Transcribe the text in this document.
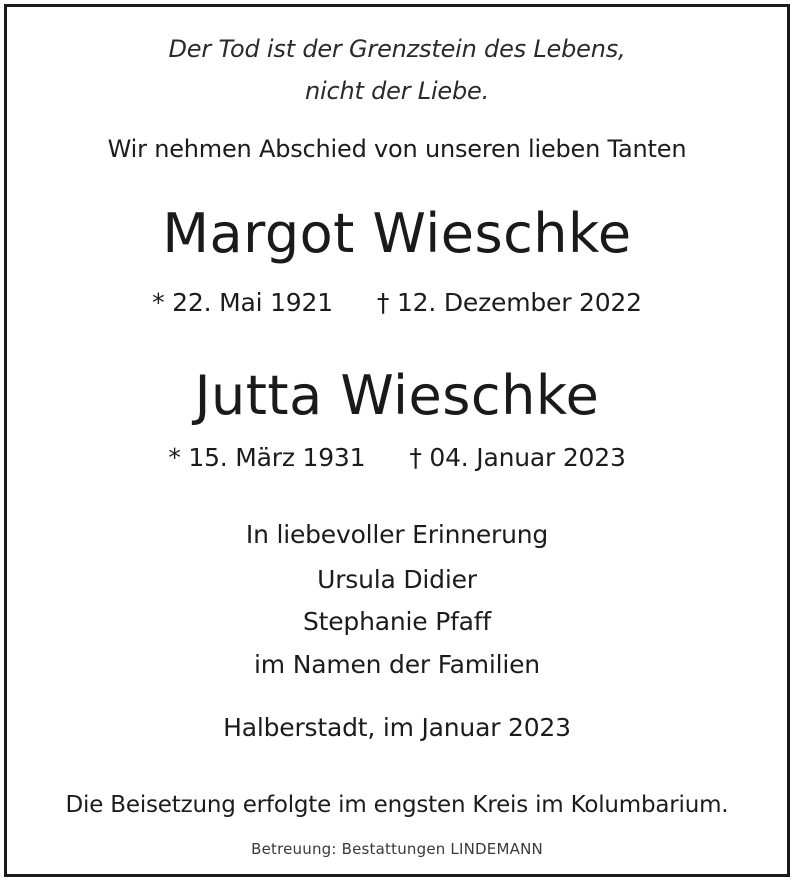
Der Tod ist der Grenzstein des Lebens,
nicht der Liebe.
Wir nehmen Abschied von unseren lieben Tanten
Margot Wieschke
* 22. Mai 1921 † 12. Dezember 2022
Jutta Wieschke
* 15. März 1931 † 04. Januar 2023
In liebevoller Erinnerung
Ursula Didier
Stephanie Pfaff
im Namen der Familien
Halberstadt, im Januar 2023
Die Beisetzung erfolgte im engsten Kreis im Kolumbarium.
Betreuung: Bestattungen LINDEMANN
